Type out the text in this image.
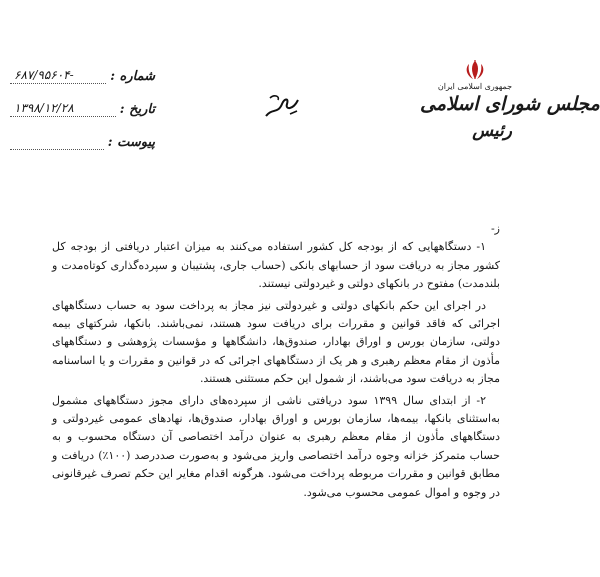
شماره :
۶۸۷/۹۵۶۰۴-
تاریخ :
۱۳۹۸/۱۲/۲۸
پیوست :
جمهوری اسلامی ایران
مجلس شورای اسلامی
رئیس

ز-

۱- دستگاههایی که از بودجه کل کشور استفاده می‌کنند به میزان اعتبار دریافتی از بودجه کل کشور مجاز به دریافت سود از حسابهای بانکی (حساب جاری، پشتیبان و سپرده‌گذاری کوتاه‌مدت و بلندمدت) مفتوح در بانکهای دولتی و غیردولتی نیستند.

در اجرای این حکم بانکهای دولتی و غیردولتی نیز مجاز به پرداخت سود به حساب دستگاههای اجرائی که فاقد قوانین و مقررات برای دریافت سود هستند، نمی‌باشند. بانکها، شرکتهای بیمه دولتی، سازمان بورس و اوراق بهادار، صندوق‌ها، دانشگاهها و مؤسسات پژوهشی و دستگاههای مأذون از مقام معظم رهبری و هر یک از دستگاههای اجرائی که در قوانین و مقررات و یا اساسنامه مجاز به دریافت سود می‌باشند، از شمول این حکم مستثنی هستند.

۲- از ابتدای سال ۱۳۹۹ سود دریافتی ناشی از سپرده‌های دارای مجوز دستگاههای مشمول به‌استثنای بانکها، بیمه‌ها، سازمان بورس و اوراق بهادار، صندوق‌ها، نهادهای عمومی غیردولتی و دستگاههای مأذون از مقام معظم رهبری به عنوان درآمد اختصاصی آن دستگاه محسوب و به حساب متمرکز خزانه وجوه درآمد اختصاصی واریز می‌شود و به‌صورت صددرصد (۱۰۰٪) دریافت و مطابق قوانین و مقررات مربوطه پرداخت می‌شود. هرگونه اقدام مغایر این حکم تصرف غیرقانونی در وجوه و اموال عمومی محسوب می‌شود.
